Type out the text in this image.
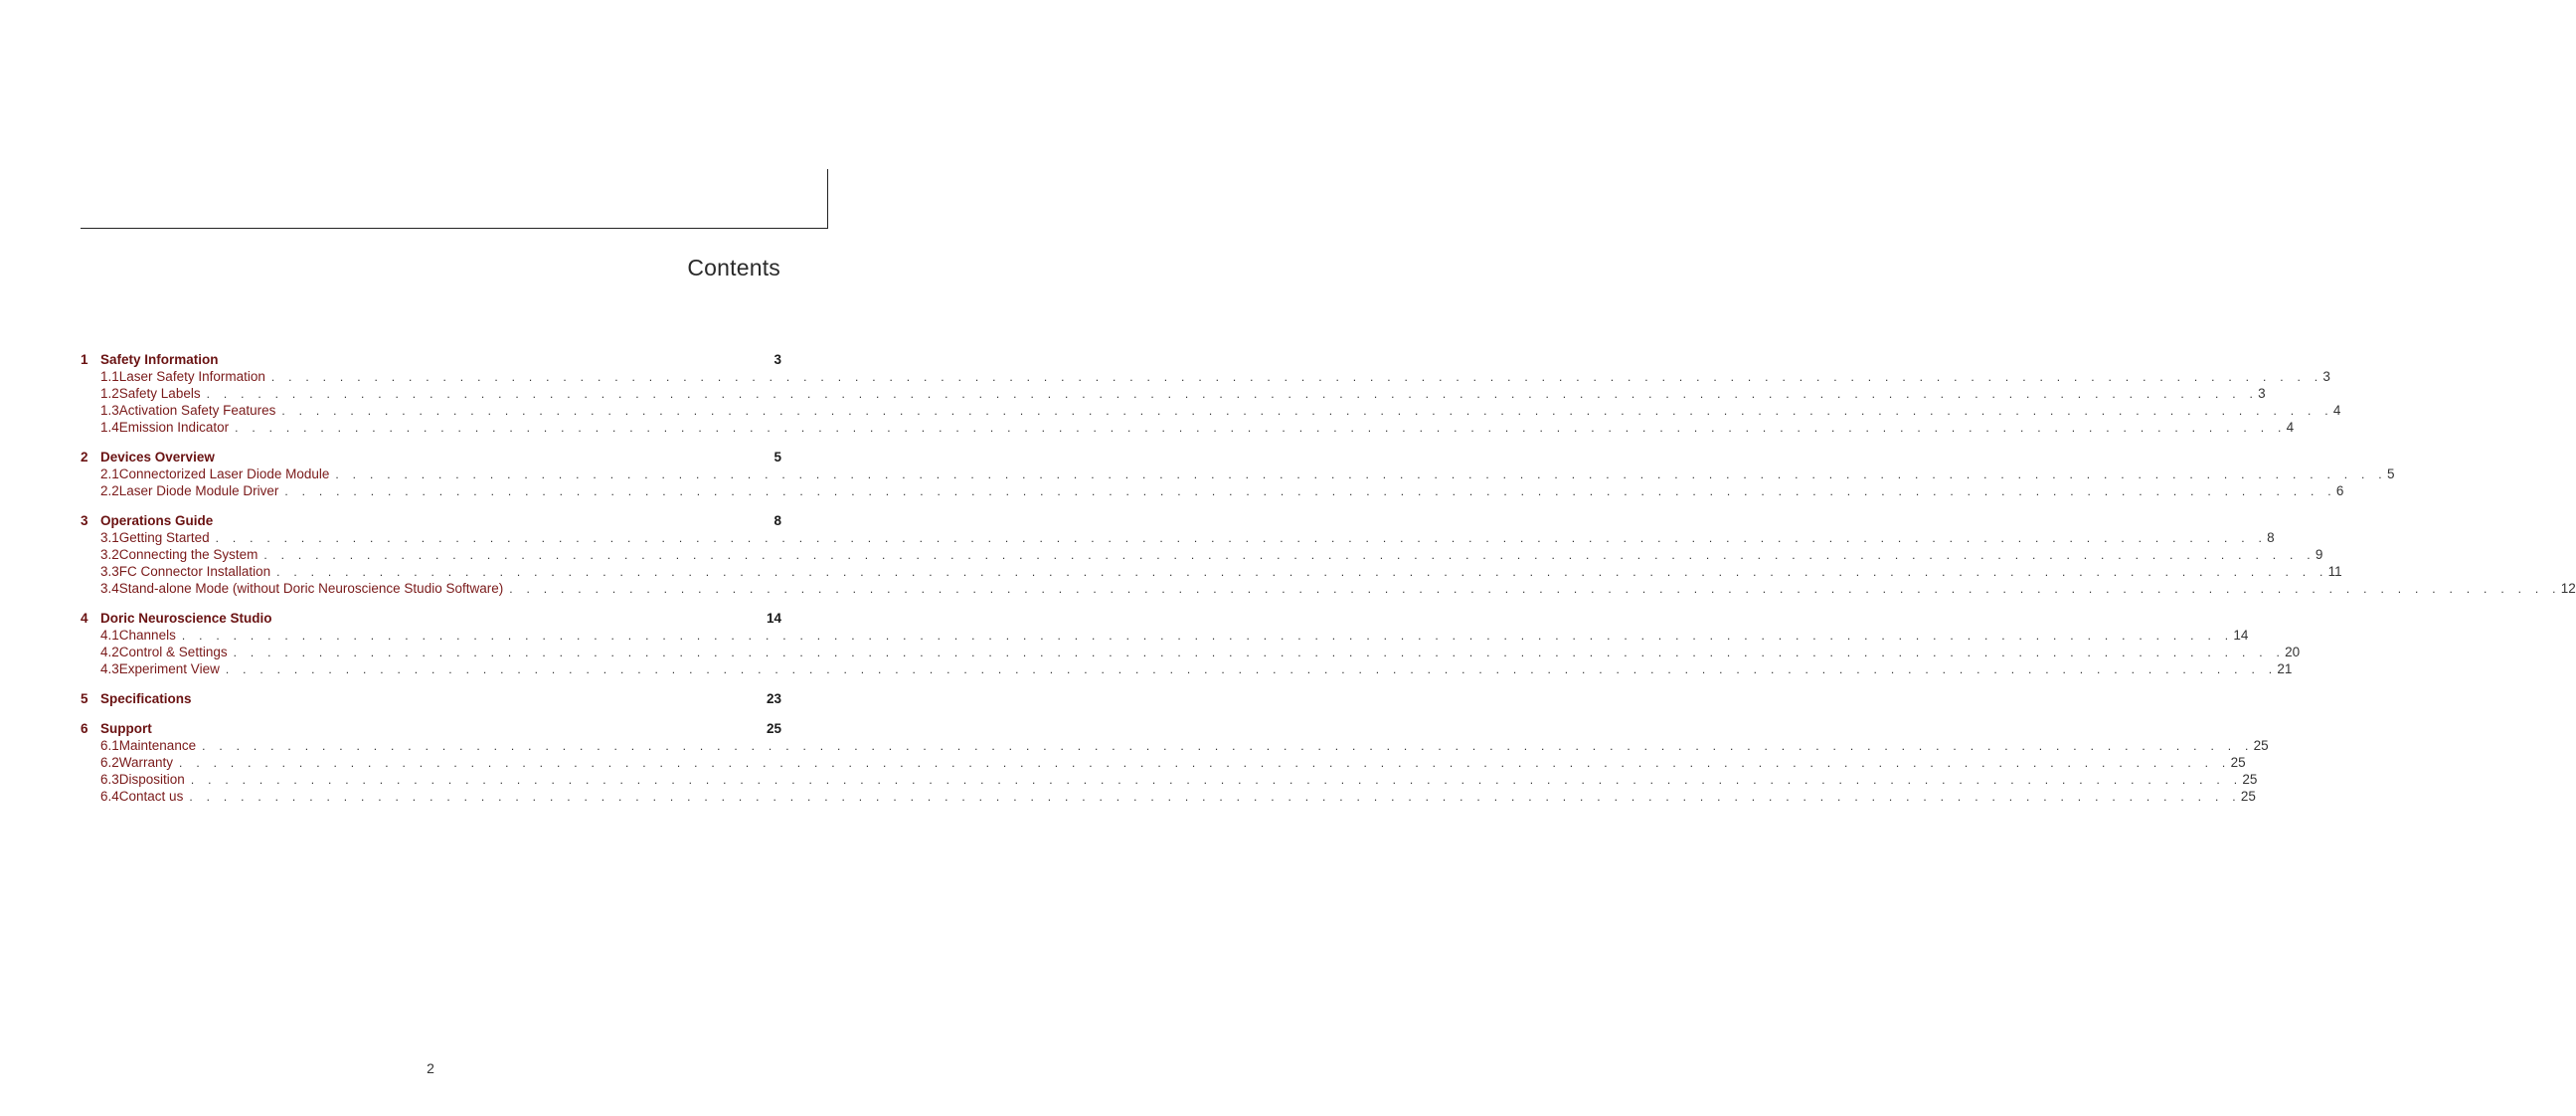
Contents
1 Safety Information	3
1.1 Laser Safety Information . . . . . . . . . . . . . . . . . . . . . . . . . . . . . . . . . . . . . . . . . . . . . . . . . . . . . . . . . . . . . . . . . . . . . . . . . . . . . . . . . . . . . . . . . . . . . . . . . . . . . . . . . . . . . . . . . . . . . . . . 3
1.2 Safety Labels . . . . . . . . . . . . . . . . . . . . . . . . . . . . . . . . . . . . . . . . . . . . . . . . . . . . . . . . . . . . . . . . . . . . . . . . . . . . . . . . . . . . . . . . . . . . . . . . . . . . . . . . . . . . . . . . . . . . . . . . 3
1.3 Activation Safety Features . . . . . . . . . . . . . . . . . . . . . . . . . . . . . . . . . . . . . . . . . . . . . . . . . . . . . . . . . . . . . . . . . . . . . . . . . . . . . . . . . . . . . . . . . . . . . . . . . . . . . . . . . . . . . . . . . . . . . . . . 4
1.4 Emission Indicator . . . . . . . . . . . . . . . . . . . . . . . . . . . . . . . . . . . . . . . . . . . . . . . . . . . . . . . . . . . . . . . . . . . . . . . . . . . . . . . . . . . . . . . . . . . . . . . . . . . . . . . . . . . . . . . . . . . . . . . . 4
2 Devices Overview	5
2.1 Connectorized Laser Diode Module . . . . . . . . . . . . . . . . . . . . . . . . . . . . . . . . . . . . . . . . . . . . . . . . . . . . . . . . . . . . . . . . . . . . . . . . . . . . . . . . . . . . . . . . . . . . . . . . . . . . . . . . . . . . . . . . . . . . . . . . 5
2.2 Laser Diode Module Driver . . . . . . . . . . . . . . . . . . . . . . . . . . . . . . . . . . . . . . . . . . . . . . . . . . . . . . . . . . . . . . . . . . . . . . . . . . . . . . . . . . . . . . . . . . . . . . . . . . . . . . . . . . . . . . . . . . . . . . . . 6
3 Operations Guide	8
3.1 Getting Started . . . . . . . . . . . . . . . . . . . . . . . . . . . . . . . . . . . . . . . . . . . . . . . . . . . . . . . . . . . . . . . . . . . . . . . . . . . . . . . . . . . . . . . . . . . . . . . . . . . . . . . . . . . . . . . . . . . . . . . . 8
3.2 Connecting the System . . . . . . . . . . . . . . . . . . . . . . . . . . . . . . . . . . . . . . . . . . . . . . . . . . . . . . . . . . . . . . . . . . . . . . . . . . . . . . . . . . . . . . . . . . . . . . . . . . . . . . . . . . . . . . . . . . . . . . . . 9
3.3 FC Connector Installation . . . . . . . . . . . . . . . . . . . . . . . . . . . . . . . . . . . . . . . . . . . . . . . . . . . . . . . . . . . . . . . . . . . . . . . . . . . . . . . . . . . . . . . . . . . . . . . . . . . . . . . . . . . . . . . . . . . . . . . . 11
3.4 Stand-alone Mode (without Doric Neuroscience Studio Software) . . . . . . . . . . . . . . . . . . . . . . . . . . . . . . . . . . . . . . . . . . . . . . . . . . . . . . . . . . . . . . . . . . . . . . . . . . . . . . . . . . . . . . . . . . . . . . . . . . . . . . . . . . . . . . . . . . . . . . . . 12
4 Doric Neuroscience Studio	14
4.1 Channels . . . . . . . . . . . . . . . . . . . . . . . . . . . . . . . . . . . . . . . . . . . . . . . . . . . . . . . . . . . . . . . . . . . . . . . . . . . . . . . . . . . . . . . . . . . . . . . . . . . . . . . . . . . . . . . . . . . . . . . . 14
4.2 Control & Settings . . . . . . . . . . . . . . . . . . . . . . . . . . . . . . . . . . . . . . . . . . . . . . . . . . . . . . . . . . . . . . . . . . . . . . . . . . . . . . . . . . . . . . . . . . . . . . . . . . . . . . . . . . . . . . . . . . . . . . . . 20
4.3 Experiment View . . . . . . . . . . . . . . . . . . . . . . . . . . . . . . . . . . . . . . . . . . . . . . . . . . . . . . . . . . . . . . . . . . . . . . . . . . . . . . . . . . . . . . . . . . . . . . . . . . . . . . . . . . . . . . . . . . . . . . . . 21
5 Specifications	23
6 Support	25
6.1 Maintenance . . . . . . . . . . . . . . . . . . . . . . . . . . . . . . . . . . . . . . . . . . . . . . . . . . . . . . . . . . . . . . . . . . . . . . . . . . . . . . . . . . . . . . . . . . . . . . . . . . . . . . . . . . . . . . . . . . . . . . . . 25
6.2 Warranty . . . . . . . . . . . . . . . . . . . . . . . . . . . . . . . . . . . . . . . . . . . . . . . . . . . . . . . . . . . . . . . . . . . . . . . . . . . . . . . . . . . . . . . . . . . . . . . . . . . . . . . . . . . . . . . . . . . . . . . . 25
6.3 Disposition . . . . . . . . . . . . . . . . . . . . . . . . . . . . . . . . . . . . . . . . . . . . . . . . . . . . . . . . . . . . . . . . . . . . . . . . . . . . . . . . . . . . . . . . . . . . . . . . . . . . . . . . . . . . . . . . . . . . . . . . 25
6.4 Contact us . . . . . . . . . . . . . . . . . . . . . . . . . . . . . . . . . . . . . . . . . . . . . . . . . . . . . . . . . . . . . . . . . . . . . . . . . . . . . . . . . . . . . . . . . . . . . . . . . . . . . . . . . . . . . . . . . . . . . . . . 25
2
